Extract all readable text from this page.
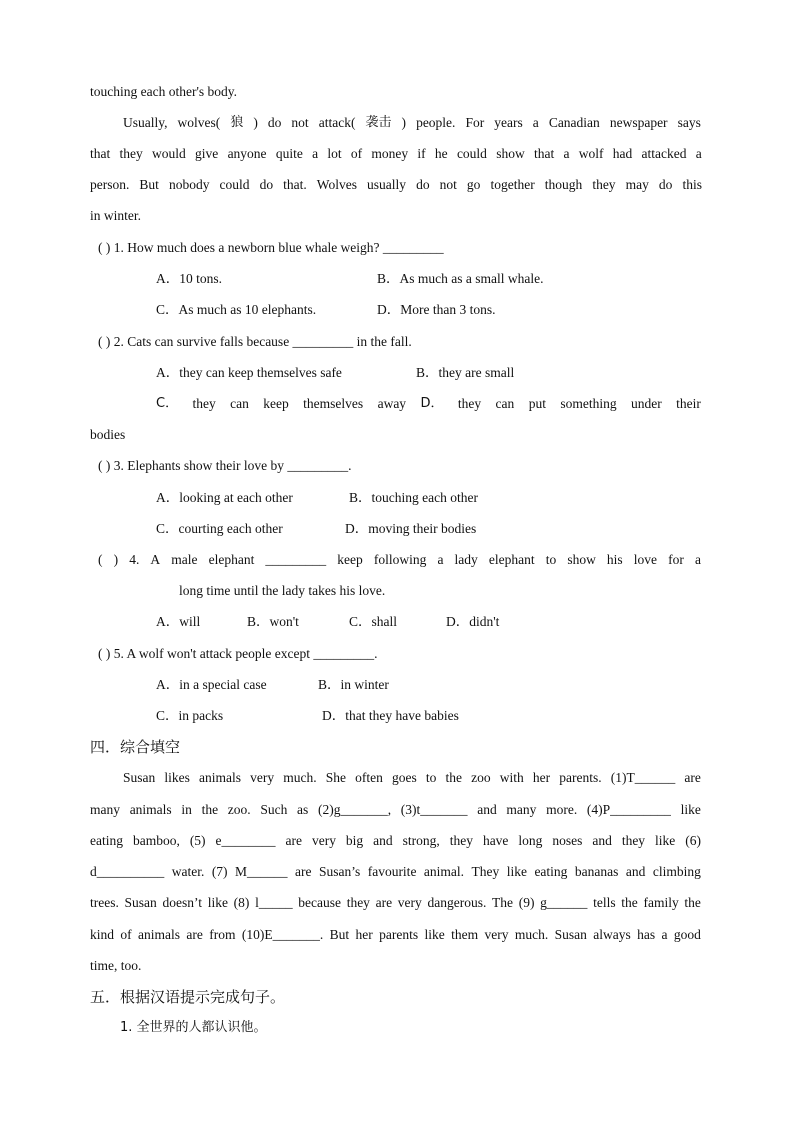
touching each other's body.
Usually, wolves( 狼 ) do not attack( 袭击 ) people. For years a Canadian newspaper says
that they would give anyone quite a lot of money if he could show that a wolf had attacked a
person. But nobody could do that. Wolves usually do not go together though they may do this
in winter.
( ) 1. How much does a newborn blue whale weigh? _________
A．10 tons.	B．As much as a small whale.
C．As much as 10 elephants.	D．More than 3 tons.
( ) 2. Cats can survive falls because _________ in the fall.
A．they can keep themselves safe	B．they are small
C． they can keep themselves away D． they can put something under their
bodies
( ) 3. Elephants show their love by _________.
A．looking at each other	B．touching each other
C．courting each other	D．moving their bodies
( ) 4. A male elephant _________ keep following a lady elephant to show his love for a
long time until the lady takes his love.
A．will	B．won't	C．shall	D．didn't
( ) 5. A wolf won't attack people except _________.
A．in a special case	B．in winter
C．in packs	D．that they have babies
四．综合填空
Susan likes animals very much. She often goes to the zoo with her parents. (1)T______ are
many animals in the zoo. Such as (2)g_______, (3)t_______ and many more. (4)P_________ like
eating bamboo, (5) e________ are very big and strong, they have long noses and they like (6)
d__________ water. (7) M______ are Susan’s favourite animal. They like eating bananas and climbing
trees. Susan doesn’t like (8) l_____ because they are very dangerous. The (9) g______ tells the family the
kind of animals are from (10)E_______. But her parents like them very much. Susan always has a good
time, too.
五．根据汉语提示完成句子。
1. 全世界的人都认识他。
